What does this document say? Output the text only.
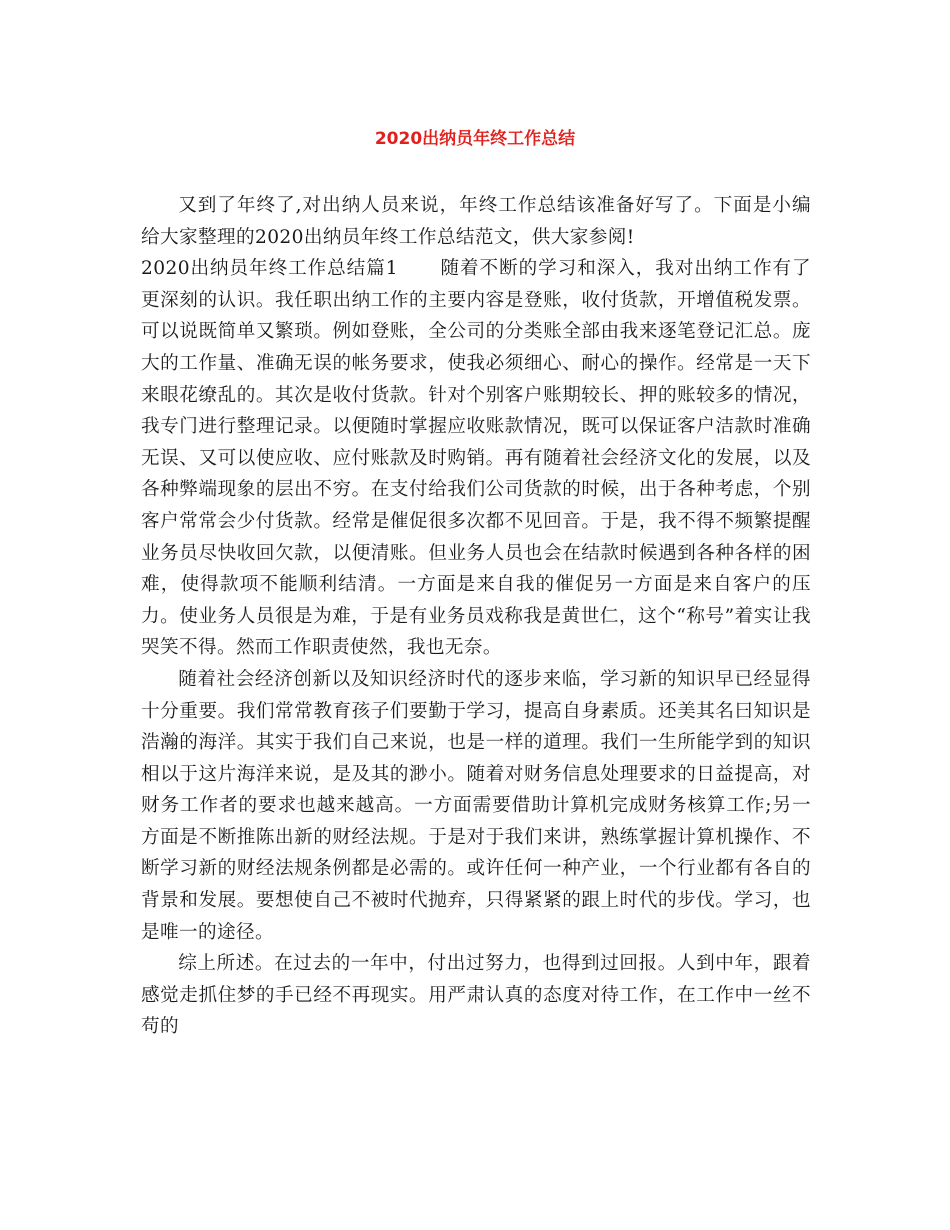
2020出纳员年终工作总结

又到了年终了,对出纳人员来说，年终工作总结该准备好写了。下面是小编给大家整理的2020出纳员年终工作总结范文，供大家参阅!

2020出纳员年终工作总结篇1 随着不断的学习和深入，我对出纳工作有了更深刻的认识。我任职出纳工作的主要内容是登账，收付货款，开增值税发票。可以说既简单又繁琐。例如登账，全公司的分类账全部由我来逐笔登记汇总。庞大的工作量、准确无误的帐务要求，使我必须细心、耐心的操作。经常是一天下来眼花缭乱的。其次是收付货款。针对个别客户账期较长、押的账较多的情况，我专门进行整理记录。以便随时掌握应收账款情况，既可以保证客户洁款时准确无误、又可以使应收、应付账款及时购销。再有随着社会经济文化的发展，以及各种弊端现象的层出不穷。在支付给我们公司货款的时候，出于各种考虑，个别客户常常会少付货款。经常是催促很多次都不见回音。于是，我不得不频繁提醒业务员尽快收回欠款，以便清账。但业务人员也会在结款时候遇到各种各样的困难，使得款项不能顺利结清。一方面是来自我的催促另一方面是来自客户的压力。使业务人员很是为难，于是有业务员戏称我是黄世仁，这个“称号”着实让我哭笑不得。然而工作职责使然，我也无奈。

随着社会经济创新以及知识经济时代的逐步来临，学习新的知识早已经显得十分重要。我们常常教育孩子们要勤于学习，提高自身素质。还美其名曰知识是浩瀚的海洋。其实于我们自己来说，也是一样的道理。我们一生所能学到的知识相以于这片海洋来说，是及其的渺小。随着对财务信息处理要求的日益提高，对财务工作者的要求也越来越高。一方面需要借助计算机完成财务核算工作;另一方面是不断推陈出新的财经法规。于是对于我们来讲，熟练掌握计算机操作、不断学习新的财经法规条例都是必需的。或许任何一种产业，一个行业都有各自的背景和发展。要想使自己不被时代抛弃，只得紧紧的跟上时代的步伐。学习，也是唯一的途径。

综上所述。在过去的一年中，付出过努力，也得到过回报。人到中年，跟着感觉走抓住梦的手已经不再现实。用严肃认真的态度对待工作，在工作中一丝不苟的
